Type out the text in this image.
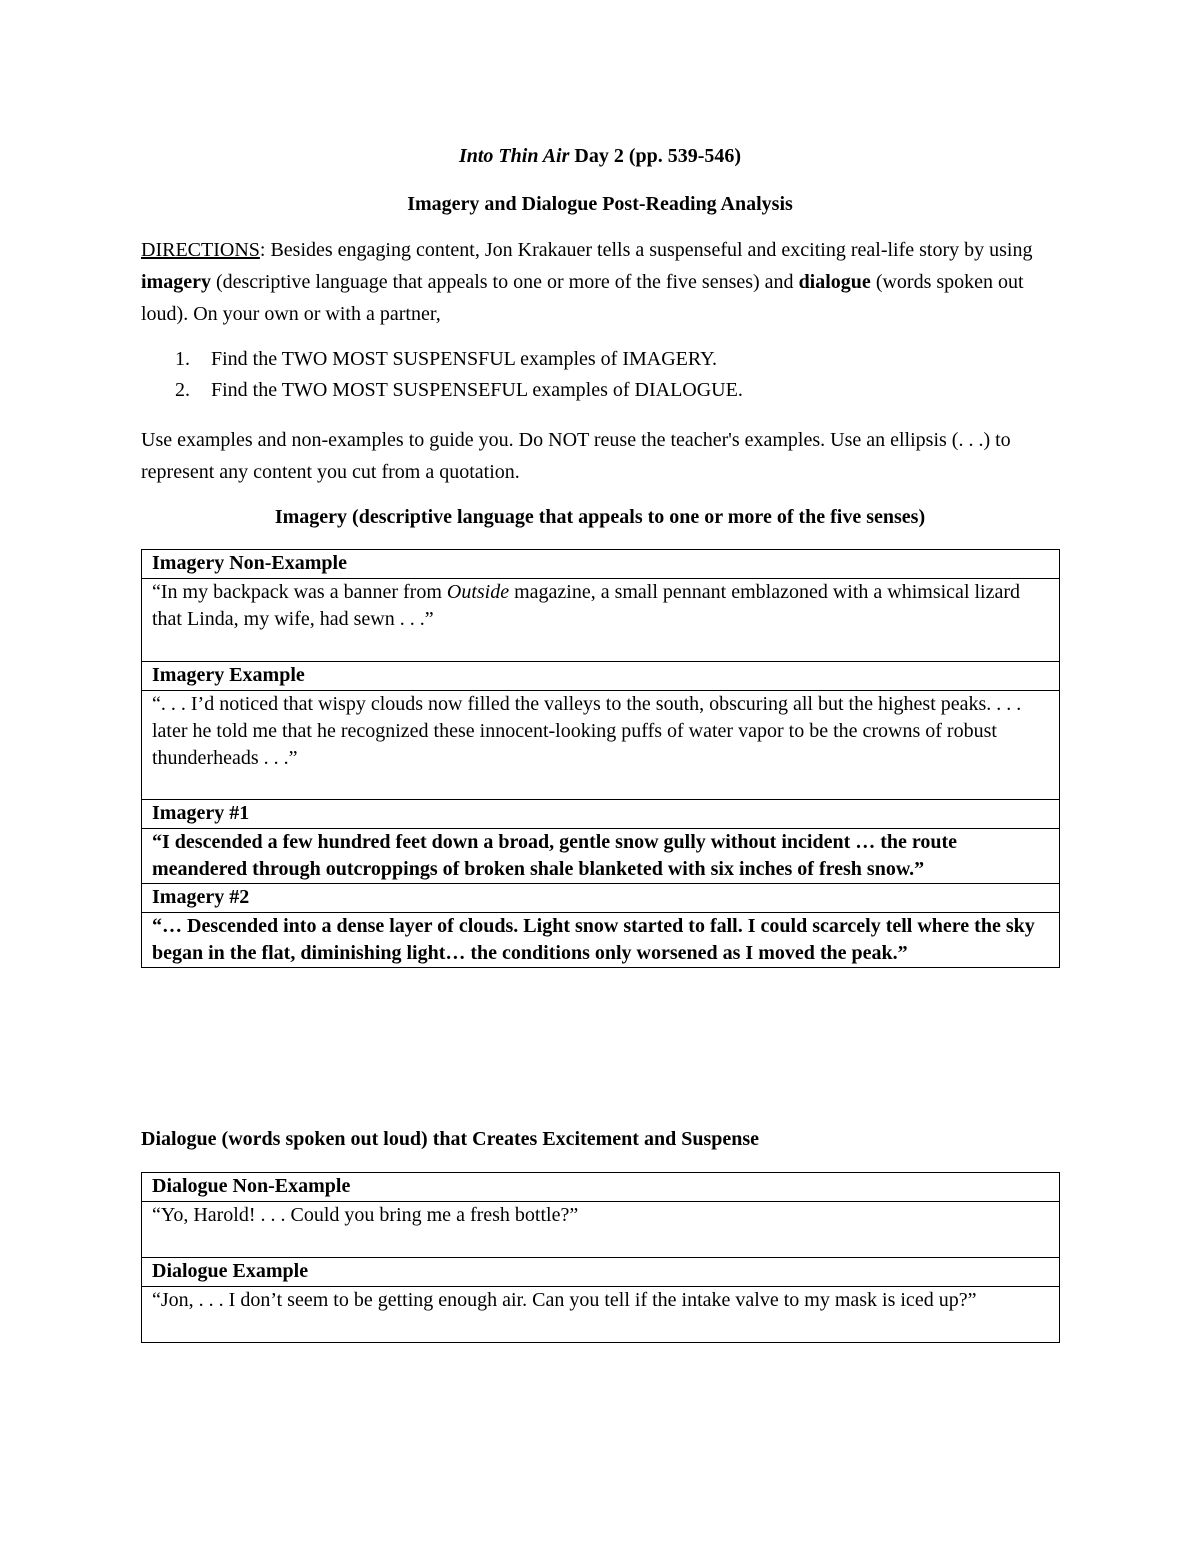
Into Thin Air Day 2 (pp. 539-546)
Imagery and Dialogue Post-Reading Analysis
DIRECTIONS: Besides engaging content, Jon Krakauer tells a suspenseful and exciting real-life story by using imagery (descriptive language that appeals to one or more of the five senses) and dialogue (words spoken out loud). On your own or with a partner,
1. Find the TWO MOST SUSPENSFUL examples of IMAGERY.
2. Find the TWO MOST SUSPENSEFUL examples of DIALOGUE.
Use examples and non-examples to guide you. Do NOT reuse the teacher's examples. Use an ellipsis (. . .) to represent any content you cut from a quotation.
Imagery (descriptive language that appeals to one or more of the five senses)
Imagery Non-Example
“In my backpack was a banner from Outside magazine, a small pennant emblazoned with a whimsical lizard that Linda, my wife, had sewn . . .”
Imagery Example
“. . . I’d noticed that wispy clouds now filled the valleys to the south, obscuring all but the highest peaks. . . . later he told me that he recognized these innocent-looking puffs of water vapor to be the crowns of robust thunderheads . . .”
Imagery #1
“I descended a few hundred feet down a broad, gentle snow gully without incident … the route meandered through outcroppings of broken shale blanketed with six inches of fresh snow.”
Imagery #2
“… Descended into a dense layer of clouds. Light snow started to fall. I could scarcely tell where the sky began in the flat, diminishing light… the conditions only worsened as I moved the peak.”
Dialogue (words spoken out loud) that Creates Excitement and Suspense
Dialogue Non-Example
“Yo, Harold! . . . Could you bring me a fresh bottle?”
Dialogue Example
“Jon, . . . I don’t seem to be getting enough air. Can you tell if the intake valve to my mask is iced up?”
